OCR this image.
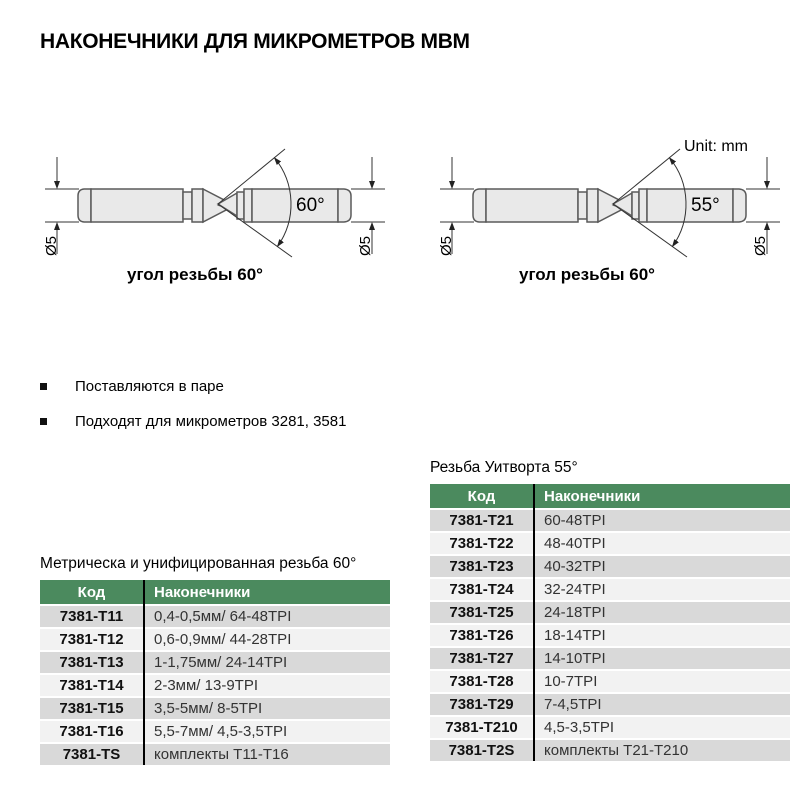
НАКОНЕЧНИКИ ДЛЯ МИКРОМЕТРОВ МВМ
Ø5	Ø5
60°
угол резьбы 60°
Unit: mm
Ø5	Ø5
55°
угол резьбы 60°
Поставляются в паре
Подходят для микрометров 3281, 3581
Резьба Уитворта 55°
Код	Наконечники
7381-T21	60-48TPI
7381-T22	48-40TPI
7381-T23	40-32TPI
7381-T24	32-24TPI
7381-T25	24-18TPI
7381-T26	18-14TPI
7381-T27	14-10TPI
7381-T28	10-7TPI
7381-T29	7-4,5TPI
7381-T210	4,5-3,5TPI
7381-T2S	комплекты T21-T210
Метрическа и унифицированная резьба 60°
Код	Наконечники
7381-T11	0,4-0,5мм/ 64-48TPI
7381-T12	0,6-0,9мм/ 44-28TPI
7381-T13	1-1,75мм/ 24-14TPI
7381-T14	2-3мм/ 13-9TPI
7381-T15	3,5-5мм/ 8-5TPI
7381-T16	5,5-7мм/ 4,5-3,5TPI
7381-TS	комплекты T11-T16
